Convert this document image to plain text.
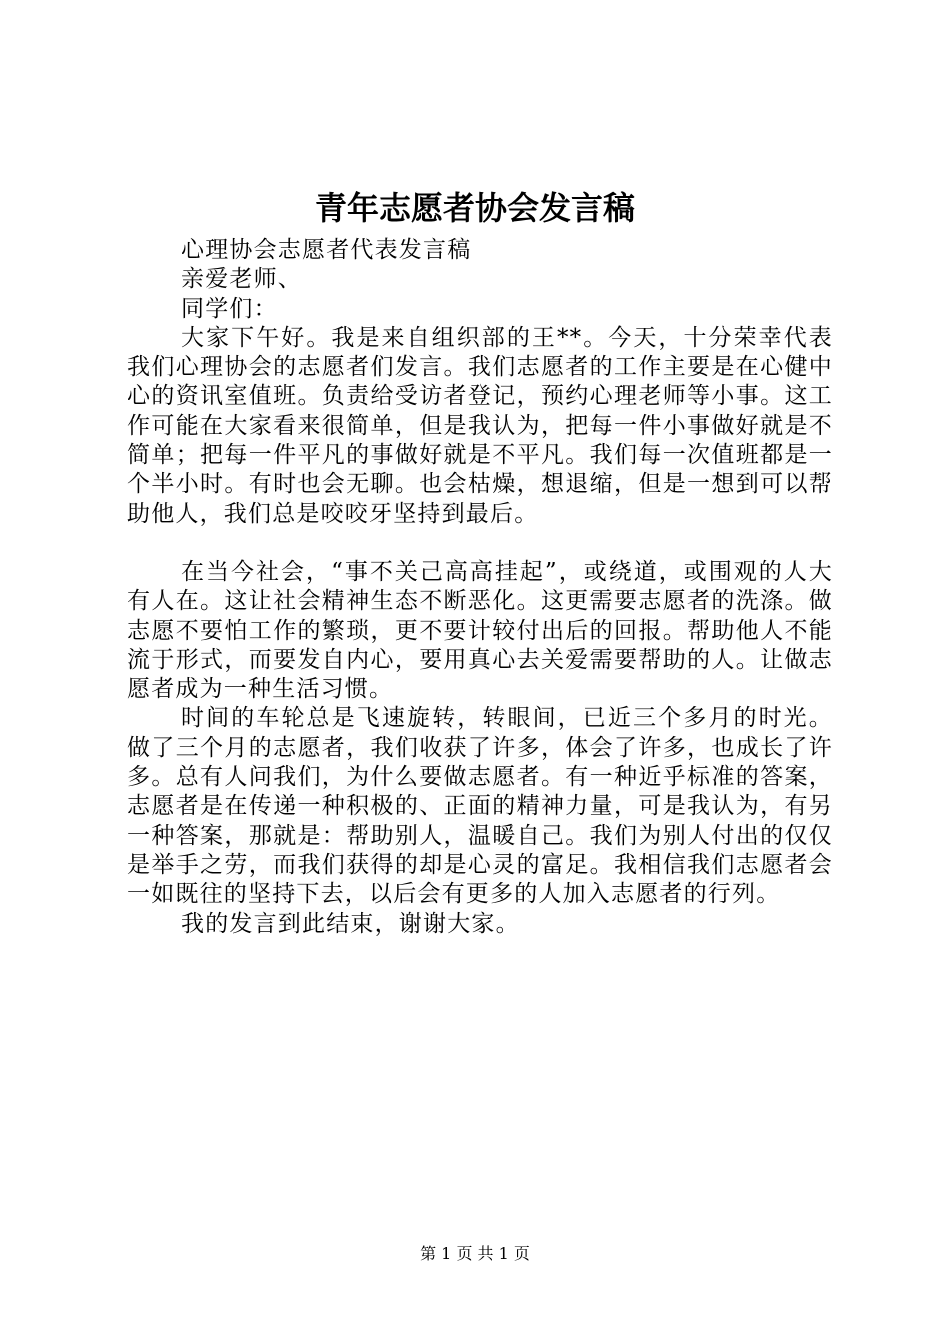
青年志愿者协会发言稿

心理协会志愿者代表发言稿

亲爱老师、

同学们：

大家下午好。我是来自组织部的王**。今天，十分荣幸代表我们心理协会的志愿者们发言。我们志愿者的工作主要是在心健中心的资讯室值班。负责给受访者登记，预约心理老师等小事。这工作可能在大家看来很简单，但是我认为，把每一件小事做好就是不简单；把每一件平凡的事做好就是不平凡。我们每一次值班都是一个半小时。有时也会无聊。也会枯燥，想退缩，但是一想到可以帮助他人，我们总是咬咬牙坚持到最后。

在当今社会，“事不关己高高挂起”，或绕道，或围观的人大有人在。这让社会精神生态不断恶化。这更需要志愿者的洗涤。做志愿不要怕工作的繁琐，更不要计较付出后的回报。帮助他人不能流于形式，而要发自内心，要用真心去关爱需要帮助的人。让做志愿者成为一种生活习惯。

时间的车轮总是飞速旋转，转眼间，已近三个多月的时光。做了三个月的志愿者，我们收获了许多，体会了许多，也成长了许多。总有人问我们，为什么要做志愿者。有一种近乎标准的答案，志愿者是在传递一种积极的、正面的精神力量，可是我认为，有另一种答案，那就是：帮助别人，温暖自己。我们为别人付出的仅仅是举手之劳，而我们获得的却是心灵的富足。我相信我们志愿者会一如既往的坚持下去，以后会有更多的人加入志愿者的行列。

我的发言到此结束，谢谢大家。

第 1 页 共 1 页
